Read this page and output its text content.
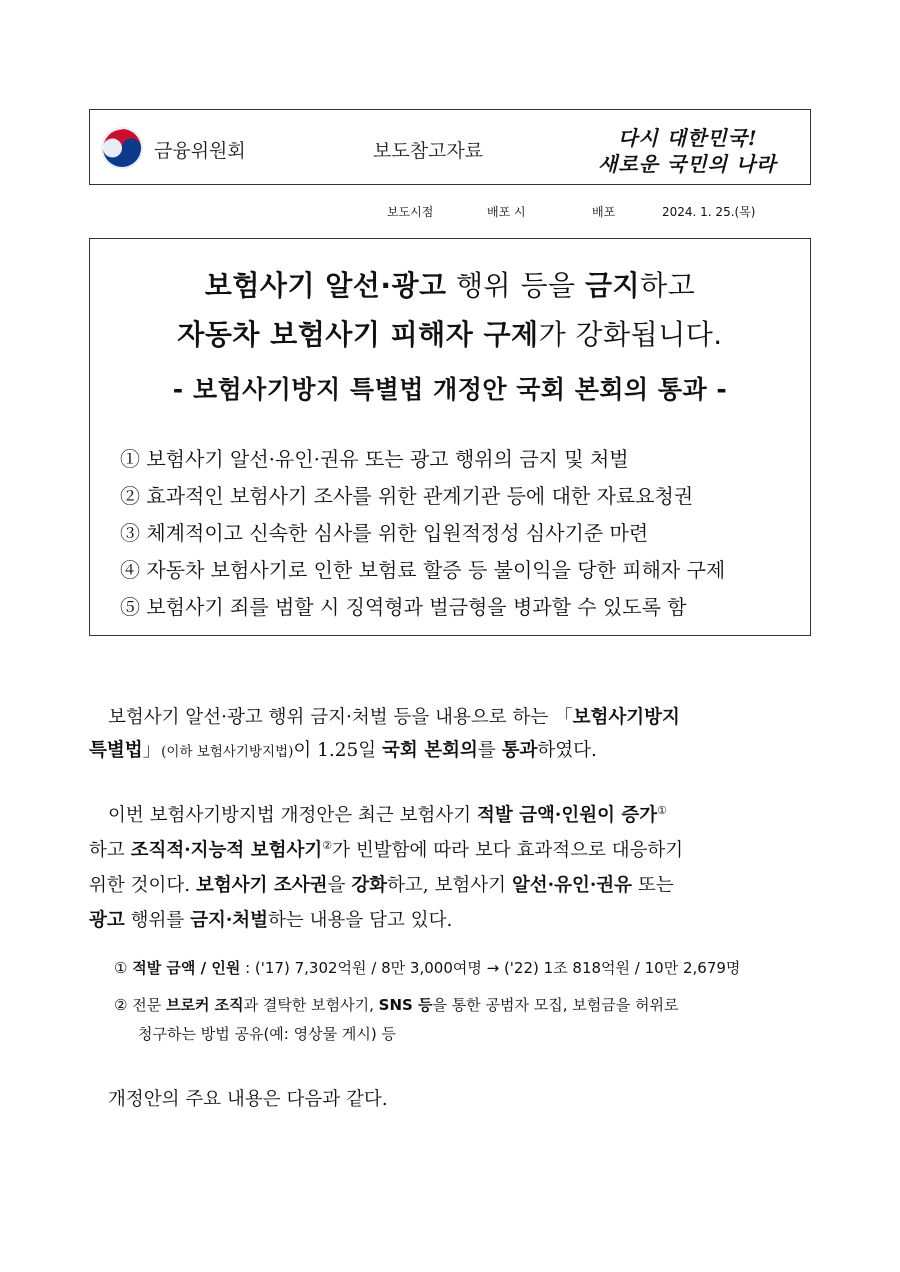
금융위원회	보도참고자료
다시 대한민국!
새로운 국민의 나라
보도시점	배포 시	배포	2024. 1. 25.(목)
보험사기 알선·광고 행위 등을 금지하고
자동차 보험사기 피해자 구제가 강화됩니다.
- 보험사기방지 특별법 개정안 국회 본회의 통과 -
① 보험사기 알선·유인·권유 또는 광고 행위의 금지 및 처벌
② 효과적인 보험사기 조사를 위한 관계기관 등에 대한 자료요청권
③ 체계적이고 신속한 심사를 위한 입원적정성 심사기준 마련
④ 자동차 보험사기로 인한 보험료 할증 등 불이익을 당한 피해자 구제
⑤ 보험사기 죄를 범할 시 징역형과 벌금형을 병과할 수 있도록 함
보험사기 알선·광고 행위 금지·처벌 등을 내용으로 하는 「보험사기방지
특별법」(이하 보험사기방지법)이 1.25일 국회 본회의를 통과하였다.
이번 보험사기방지법 개정안은 최근 보험사기 적발 금액·인원이 증가①
하고 조직적·지능적 보험사기②가 빈발함에 따라 보다 효과적으로 대응하기
위한 것이다. 보험사기 조사권을 강화하고, 보험사기 알선·유인·권유 또는
광고 행위를 금지·처벌하는 내용을 담고 있다.
① 적발 금액 / 인원 : ('17) 7,302억원 / 8만 3,000여명 → ('22) 1조 818억원 / 10만 2,679명
② 전문 브로커 조직과 결탁한 보험사기, SNS 등을 통한 공범자 모집, 보험금을 허위로
청구하는 방법 공유(예: 영상물 게시) 등
개정안의 주요 내용은 다음과 같다.
